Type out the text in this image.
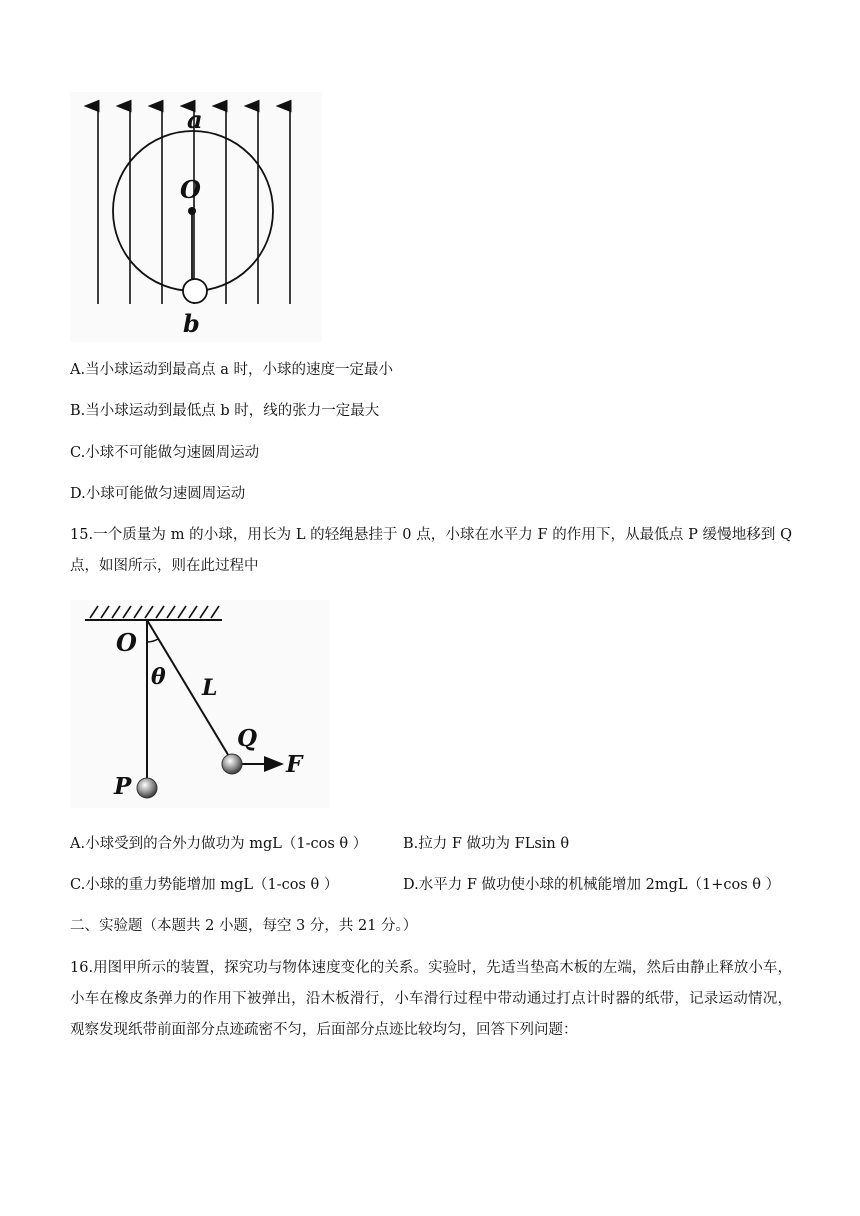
a
O
b
A.当小球运动到最高点 a 时，小球的速度一定最小
B.当小球运动到最低点 b 时，线的张力一定最大
C.小球不可能做匀速圆周运动
D.小球可能做匀速圆周运动
15.一个质量为 m 的小球，用长为 L 的轻绳悬挂于 0 点，小球在水平力 F 的作用下，从最低点 P 缓慢地移到 Q 点，如图所示，则在此过程中
O
θ L
Q
F
P
A.小球受到的合外力做功为 mgL（1-cos θ ） B.拉力 F 做功为 FLsin θ
C.小球的重力势能增加 mgL（1-cos θ ）	D.水平力 F 做功使小球的机械能增加 2mgL（1+cos θ ）
二、实验题（本题共 2 小题，每空 3 分，共 21 分。）
16.用图甲所示的装置，探究功与物体速度变化的关系。实验时，先适当垫高木板的左端，然后由静止释放小车，小车在橡皮条弹力的作用下被弹出，沿木板滑行，小车滑行过程中带动通过打点计时器的纸带，记录运动情况，观察发现纸带前面部分点迹疏密不匀，后面部分点迹比较均匀，回答下列问题：
